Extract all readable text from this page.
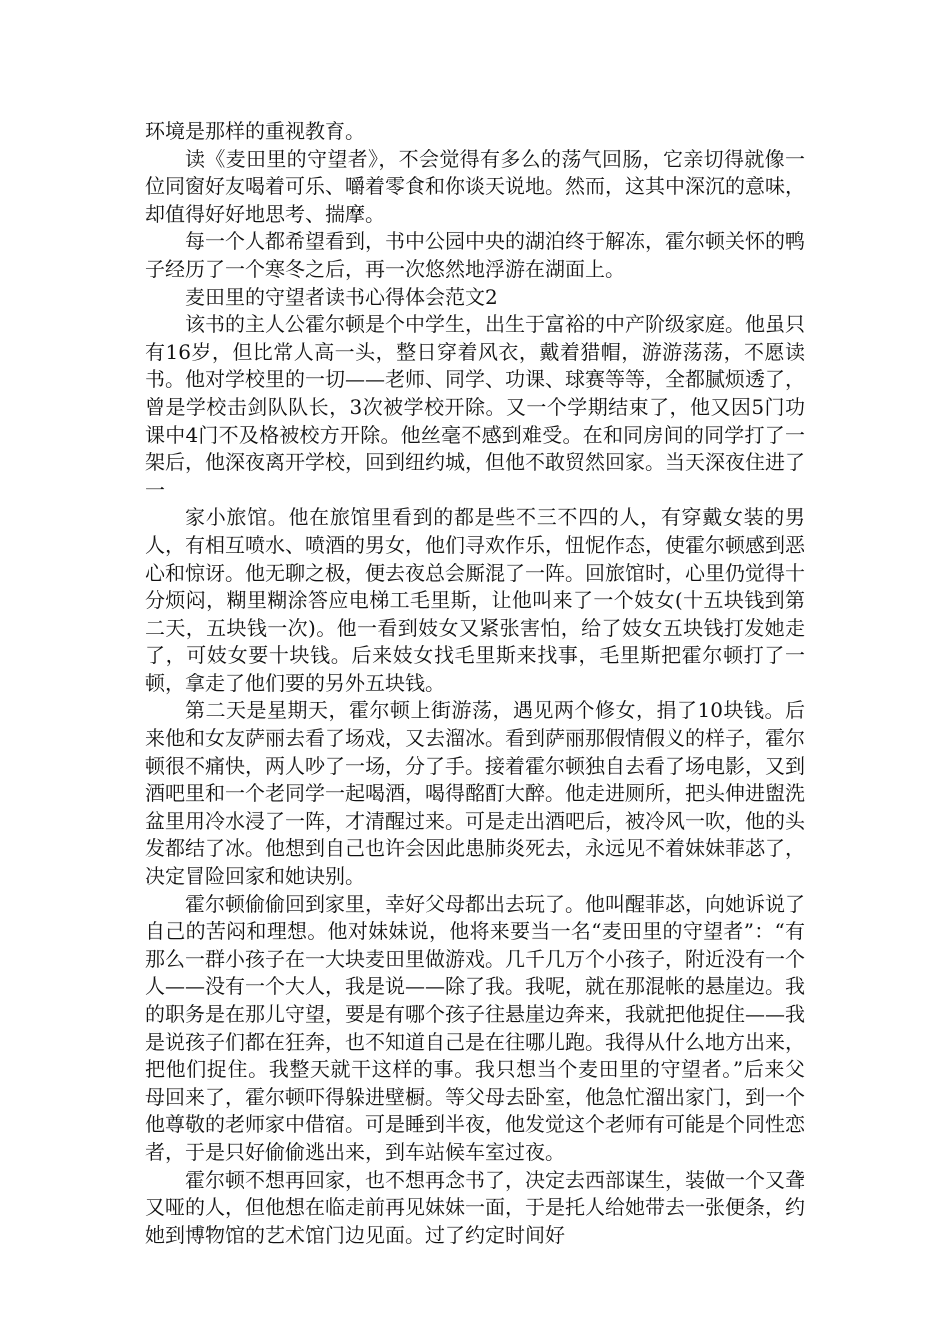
环境是那样的重视教育。

读《麦田里的守望者》，不会觉得有多么的荡气回肠，它亲切得就像一位同窗好友喝着可乐、嚼着零食和你谈天说地。然而，这其中深沉的意味，却值得好好地思考、揣摩。

每一个人都希望看到，书中公园中央的湖泊终于解冻，霍尔顿关怀的鸭子经历了一个寒冬之后，再一次悠然地浮游在湖面上。

麦田里的守望者读书心得体会范文2

该书的主人公霍尔顿是个中学生，出生于富裕的中产阶级家庭。他虽只有16岁，但比常人高一头，整日穿着风衣，戴着猎帽，游游荡荡，不愿读书。他对学校里的一切——老师、同学、功课、球赛等等，全都腻烦透了，曾是学校击剑队队长，3次被学校开除。又一个学期结束了，他又因5门功课中4门不及格被校方开除。他丝毫不感到难受。在和同房间的同学打了一架后，他深夜离开学校，回到纽约城，但他不敢贸然回家。当天深夜住进了一

家小旅馆。他在旅馆里看到的都是些不三不四的人，有穿戴女装的男人，有相互喷水、喷酒的男女，他们寻欢作乐，忸怩作态，使霍尔顿感到恶心和惊讶。他无聊之极，便去夜总会厮混了一阵。回旅馆时，心里仍觉得十分烦闷，糊里糊涂答应电梯工毛里斯，让他叫来了一个妓女(十五块钱到第二天，五块钱一次)。他一看到妓女又紧张害怕，给了妓女五块钱打发她走了，可妓女要十块钱。后来妓女找毛里斯来找事，毛里斯把霍尔顿打了一顿，拿走了他们要的另外五块钱。

第二天是星期天，霍尔顿上街游荡，遇见两个修女，捐了10块钱。后来他和女友萨丽去看了场戏，又去溜冰。看到萨丽那假情假义的样子，霍尔顿很不痛快，两人吵了一场，分了手。接着霍尔顿独自去看了场电影，又到酒吧里和一个老同学一起喝酒，喝得酩酊大醉。他走进厕所，把头伸进盥洗盆里用冷水浸了一阵，才清醒过来。可是走出酒吧后，被冷风一吹，他的头发都结了冰。他想到自己也许会因此患肺炎死去，永远见不着妹妹菲苾了，决定冒险回家和她诀别。

霍尔顿偷偷回到家里，幸好父母都出去玩了。他叫醒菲苾，向她诉说了自己的苦闷和理想。他对妹妹说，他将来要当一名“麦田里的守望者”：“有那么一群小孩子在一大块麦田里做游戏。几千几万个小孩子，附近没有一个人——没有一个大人，我是说——除了我。我呢，就在那混帐的悬崖边。我的职务是在那儿守望，要是有哪个孩子往悬崖边奔来，我就把他捉住——我是说孩子们都在狂奔，也不知道自己是在往哪儿跑。我得从什么地方出来，把他们捉住。我整天就干这样的事。我只想当个麦田里的守望者。”后来父母回来了，霍尔顿吓得躲进壁橱。等父母去卧室，他急忙溜出家门，到一个他尊敬的老师家中借宿。可是睡到半夜，他发觉这个老师有可能是个同性恋者，于是只好偷偷逃出来，到车站候车室过夜。

霍尔顿不想再回家，也不想再念书了，决定去西部谋生，装做一个又聋又哑的人，但他想在临走前再见妹妹一面，于是托人给她带去一张便条，约她到博物馆的艺术馆门边见面。过了约定时间好
